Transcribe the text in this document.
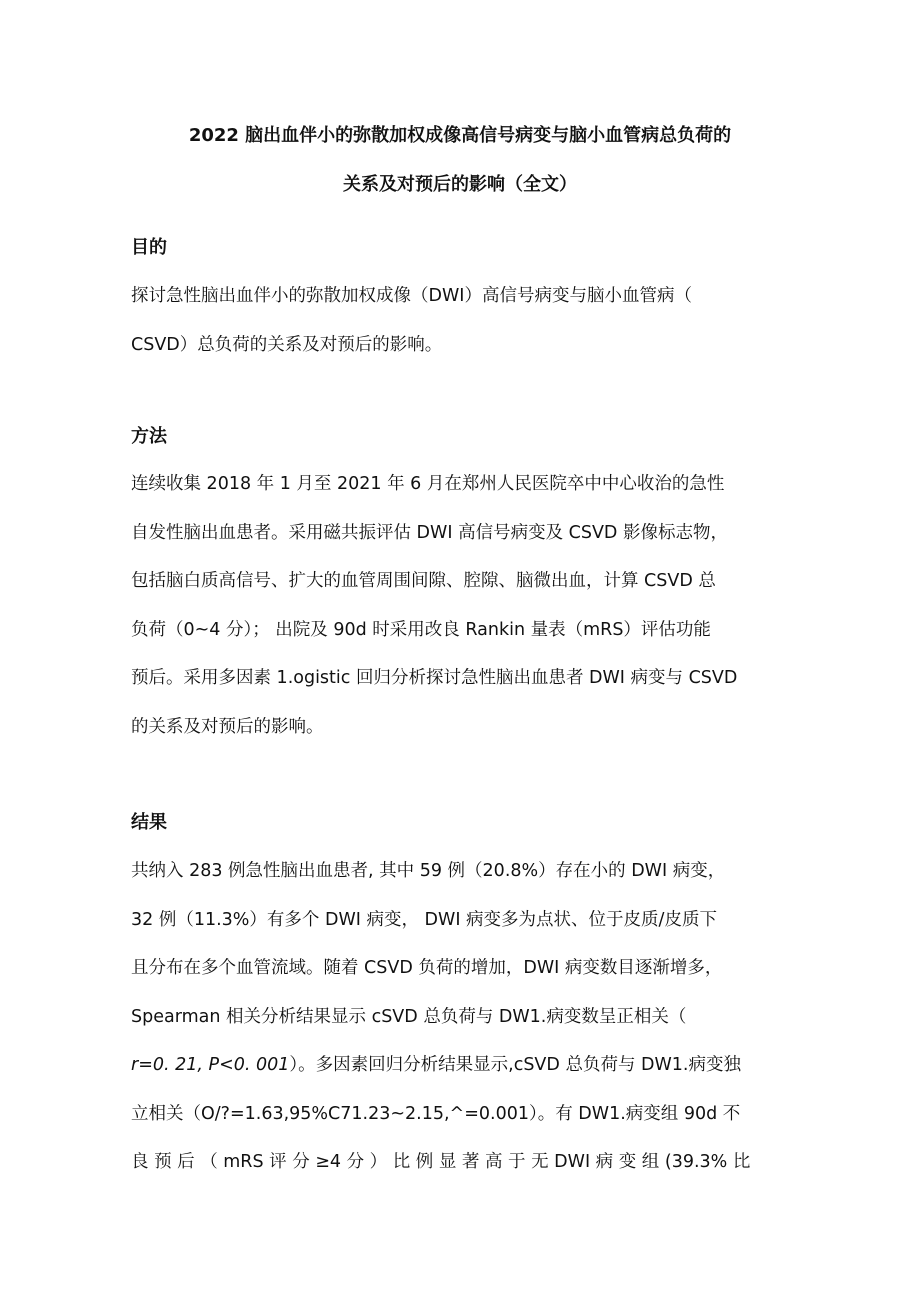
2022 脑出血伴小的弥散加权成像高信号病变与脑小血管病总负荷的
关系及对预后的影响（全文）
目的
探讨急性脑出血伴小的弥散加权成像（DWI）高信号病变与脑小血管病（
CSVD）总负荷的关系及对预后的影响。
方法
连续收集 2018 年 1 月至 2021 年 6 月在郑州人民医院卒中中心收治的急性
自发性脑出血患者。采用磁共振评估 DWI 高信号病变及 CSVD 影像标志物，
包括脑白质高信号、扩大的血管周围间隙、腔隙、脑微出血，计算 CSVD 总
负荷（0~4 分）； 出院及 90d 时采用改良 Rankin 量表（mRS）评估功能
预后。采用多因素 1.ogistic 回归分析探讨急性脑出血患者 DWI 病变与 CSVD
的关系及对预后的影响。
结果
共纳入 283 例急性脑出血患者, 其中 59 例（20.8%）存在小的 DWI 病变，
32 例（11.3%）有多个 DWI 病变， DWI 病变多为点状、位于皮质/皮质下
且分布在多个血管流域。随着 CSVD 负荷的增加，DWI 病变数目逐渐增多，
Spearman 相关分析结果显示 cSVD 总负荷与 DW1.病变数呈正相关（
r=0. 21, P<0. 001）。多因素回归分析结果显示,cSVD 总负荷与 DW1.病变独
立相关（O/?=1.63,95%C71.23~2.15,^=0.001）。有 DW1.病变组 90d 不
良 预 后 （ mRS 评 分 ≥4 分 ） 比 例 显 著 高 于 无 DWI 病 变 组 (39.3% 比
